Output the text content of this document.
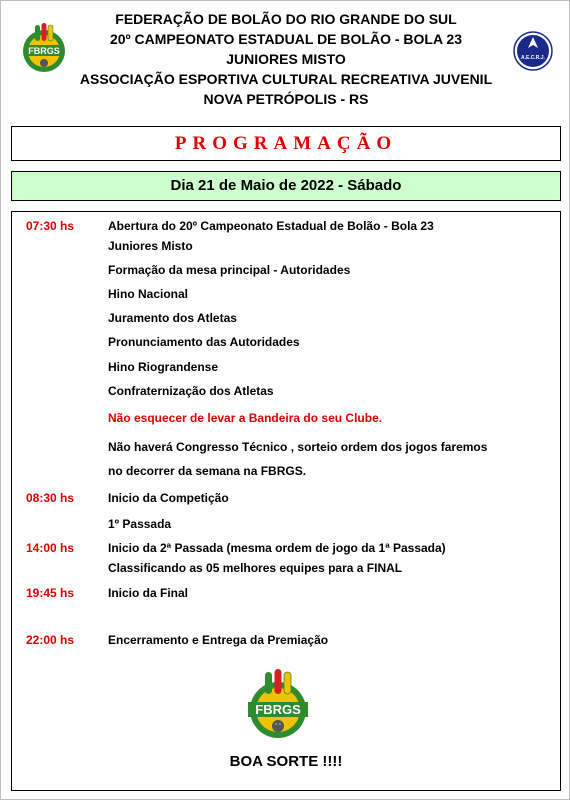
FEDERAÇÃO DE BOLÃO DO RIO GRANDE DO SUL
20º CAMPEONATO ESTADUAL DE BOLÃO - BOLA 23
JUNIORES MISTO
ASSOCIAÇÃO ESPORTIVA CULTURAL RECREATIVA JUVENIL
NOVA PETRÓPOLIS - RS
FBRGS
A.E.C.R.J.
PROGRAMAÇÃO
Dia 21 de Maio de 2022 - Sábado
07:30 hs	Abertura do 20º Campeonato Estadual de Bolão - Bola 23
Juniores Misto
Formação da mesa principal - Autoridades
Hino Nacional
Juramento dos Atletas
Pronunciamento das Autoridades
Hino Riograndense
Confraternização dos Atletas
Não esquecer de levar a Bandeira do seu Clube.
Não haverá Congresso Técnico , sorteio ordem dos jogos faremos
no decorrer da semana na FBRGS.
08:30 hs	Inicio da Competição
1º Passada
14:00 hs	Inicio da 2ª Passada (mesma ordem de jogo da 1ª Passada)
Classificando as 05 melhores equipes para a FINAL
19:45 hs	Inicio da Final
22:00 hs	Encerramento e Entrega da Premiação
FBRGS
BOA SORTE !!!!
